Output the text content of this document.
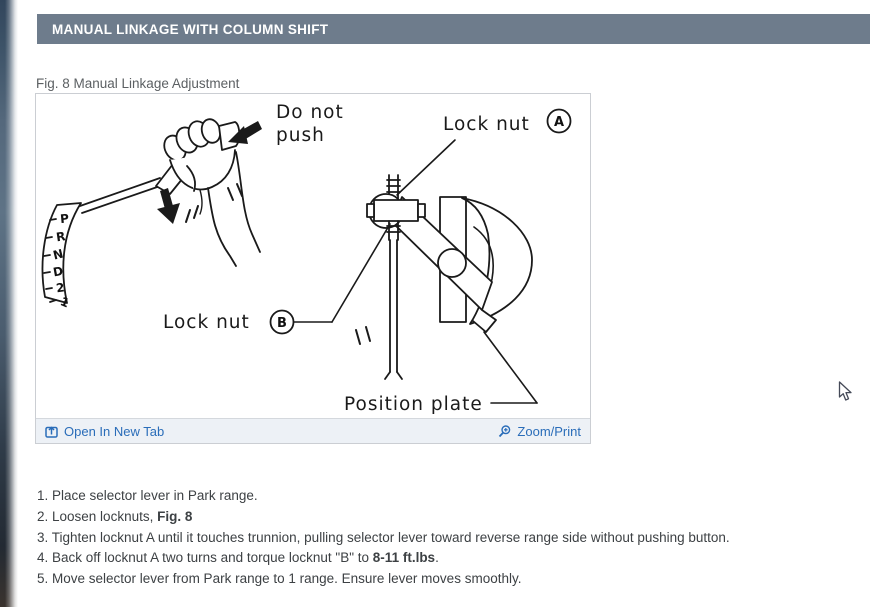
MANUAL LINKAGE WITH COLUMN SHIFT
Fig. 8 Manual Linkage Adjustment
P
R
N
D
2
1
Do not
push
Lock nut
Lock nut
Position plate
A
B
Open In New Tab	Zoom/Print
1. Place selector lever in Park range.
2. Loosen locknuts, Fig. 8
3. Tighten locknut A until it touches trunnion, pulling selector lever toward reverse range side without pushing button.
4. Back off locknut A two turns and torque locknut "B" to 8-11 ft.lbs.
5. Move selector lever from Park range to 1 range. Ensure lever moves smoothly.
